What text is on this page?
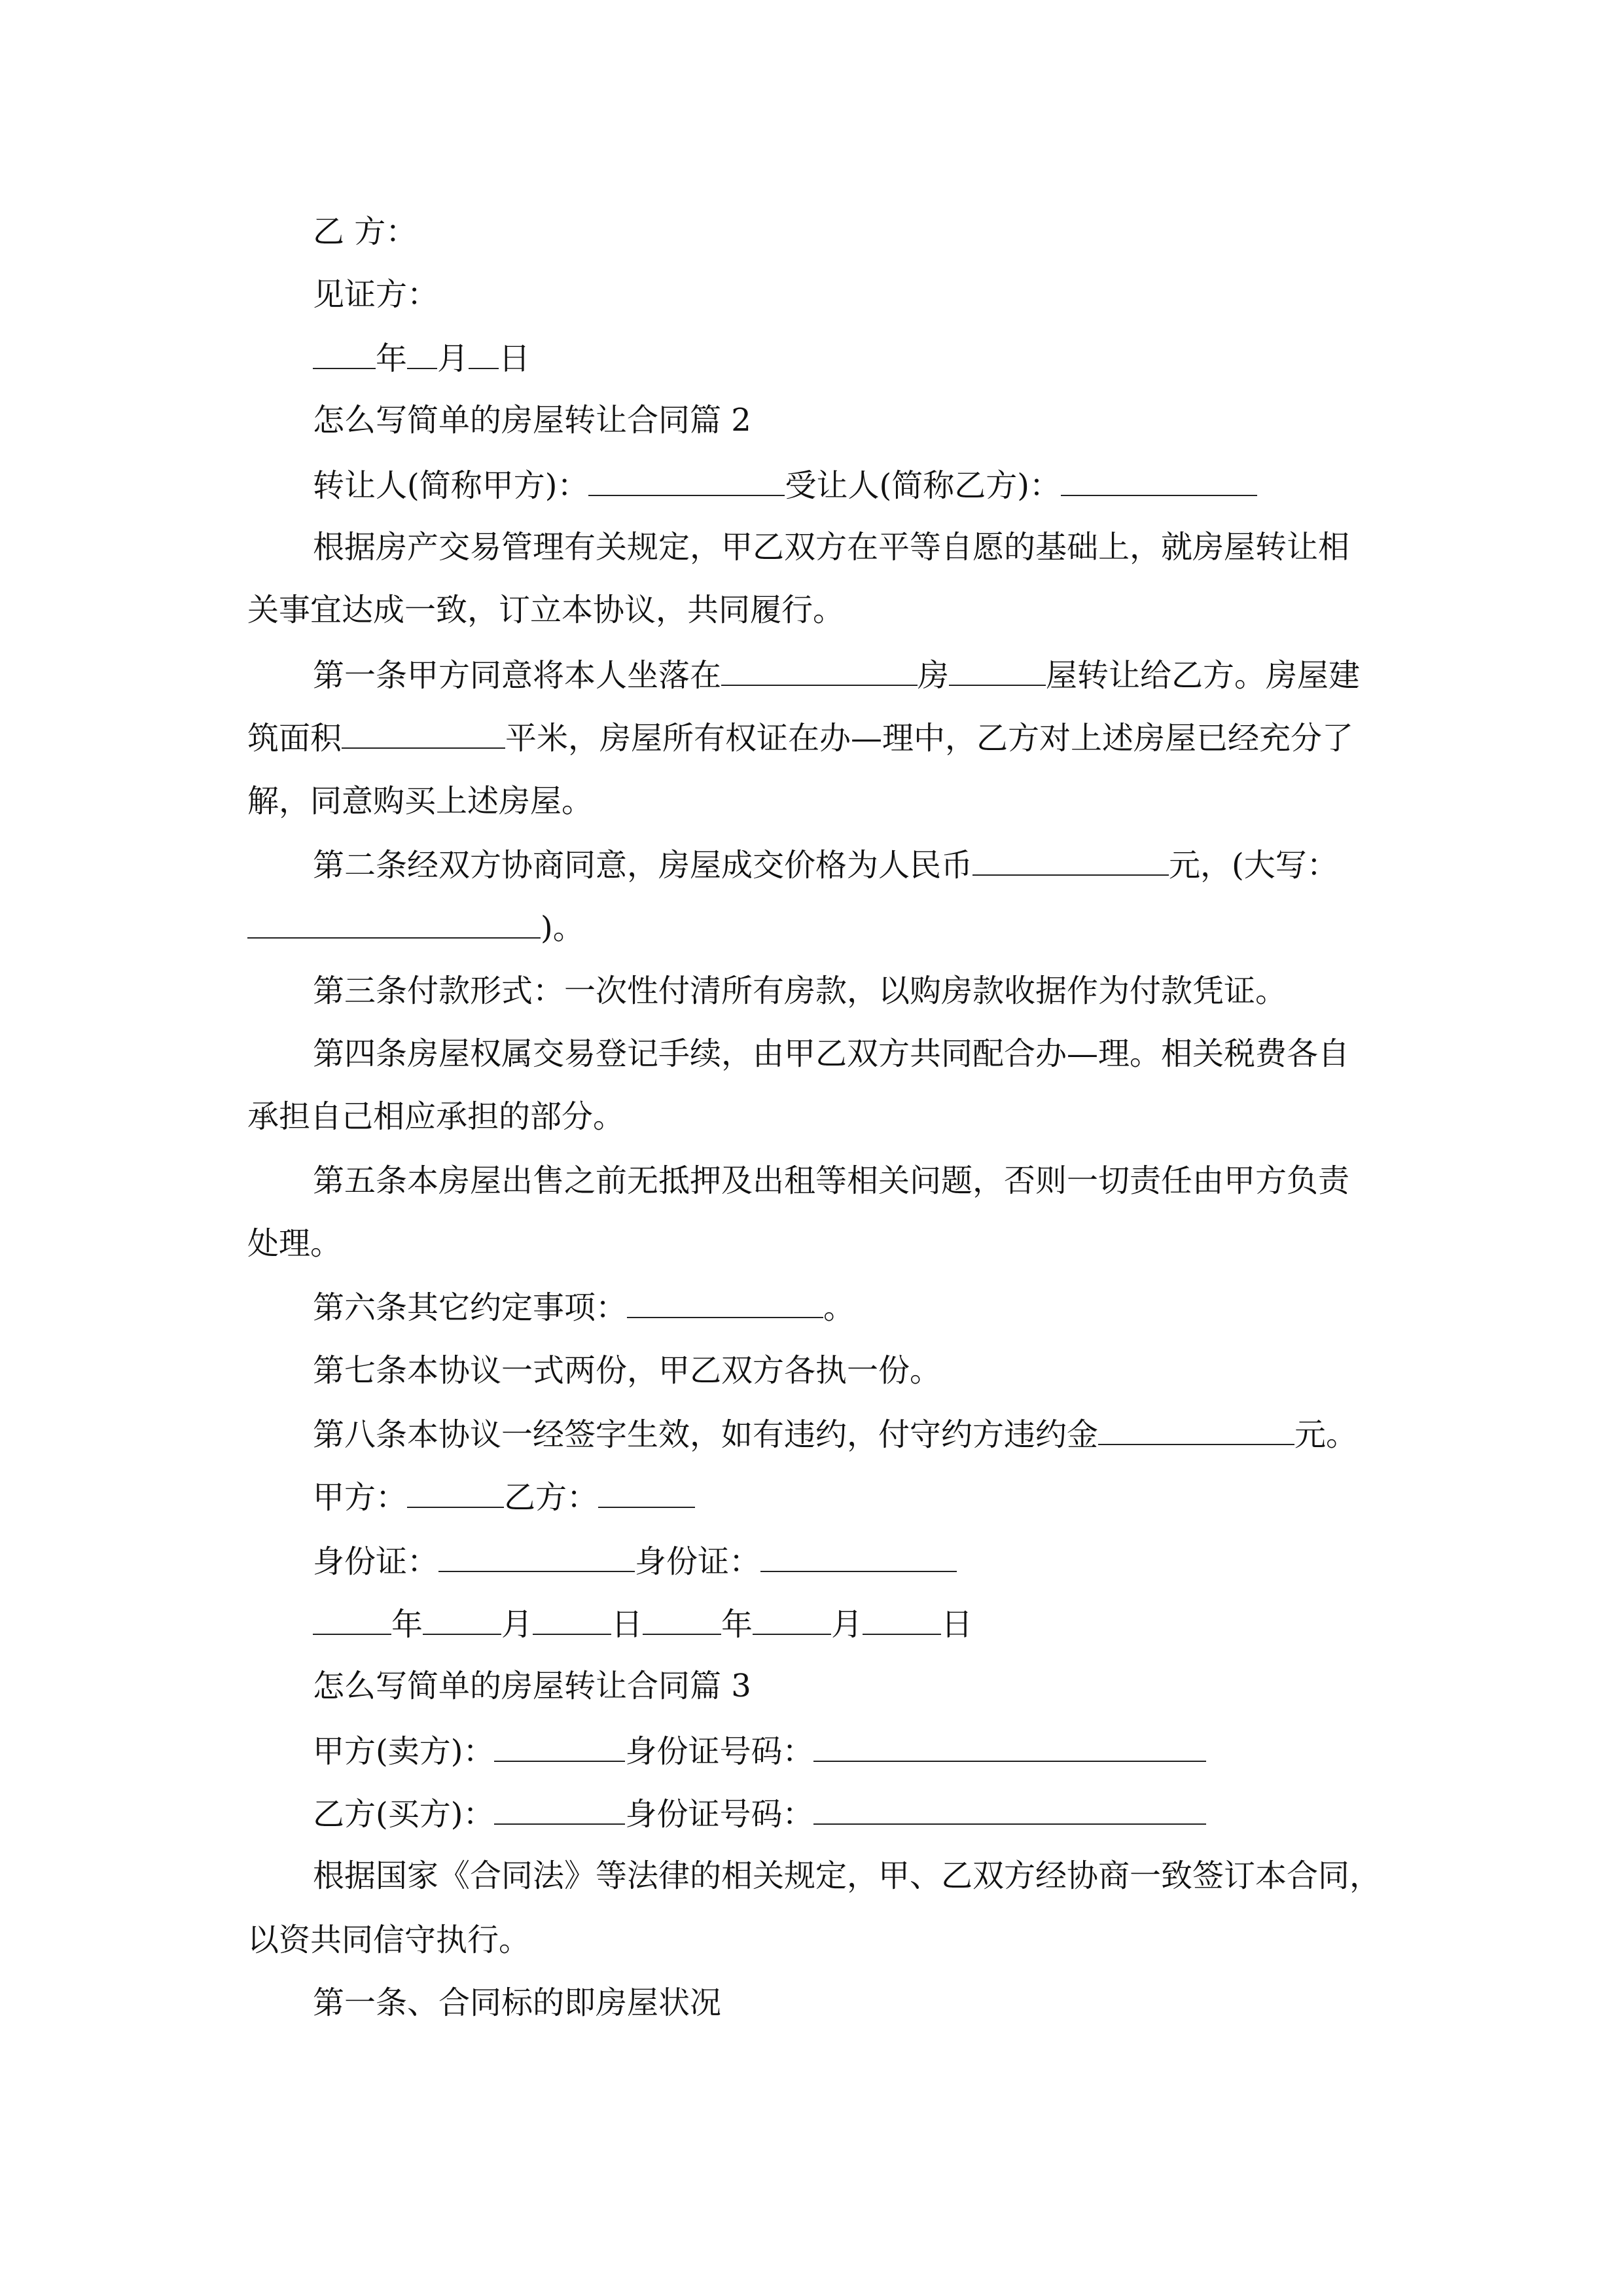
乙 方：
见证方：
年 月 日
怎么写简单的房屋转让合同篇 2
转让人(简称甲方)：	受让人(简称乙方)：
根据房产交易管理有关规定，甲乙双方在平等自愿的基础上，就房屋转让相
关事宜达成一致，订立本协议，共同履行。
第一条甲方同意将本人坐落在	房	屋转让给乙方。房屋建
筑面积	平米，房屋所有权证在办—理中，乙方对上述房屋已经充分了
解，同意购买上述房屋。
第二条经双方协商同意，房屋成交价格为人民币	元，(大写：
)。
第三条付款形式：一次性付清所有房款，以购房款收据作为付款凭证。
第四条房屋权属交易登记手续，由甲乙双方共同配合办—理。相关税费各自
承担自己相应承担的部分。
第五条本房屋出售之前无抵押及出租等相关问题，否则一切责任由甲方负责
处理。
第六条其它约定事项：	。
第七条本协议一式两份，甲乙双方各执一份。
第八条本协议一经签字生效，如有违约，付守约方违约金	元。
甲方：	乙方：
身份证：	身份证：
年	月	日	年	月	日
怎么写简单的房屋转让合同篇 3
甲方(卖方)：	身份证号码：
乙方(买方)：	身份证号码：
根据国家《合同法》等法律的相关规定，甲、乙双方经协商一致签订本合同，
以资共同信守执行。
第一条、合同标的即房屋状况
